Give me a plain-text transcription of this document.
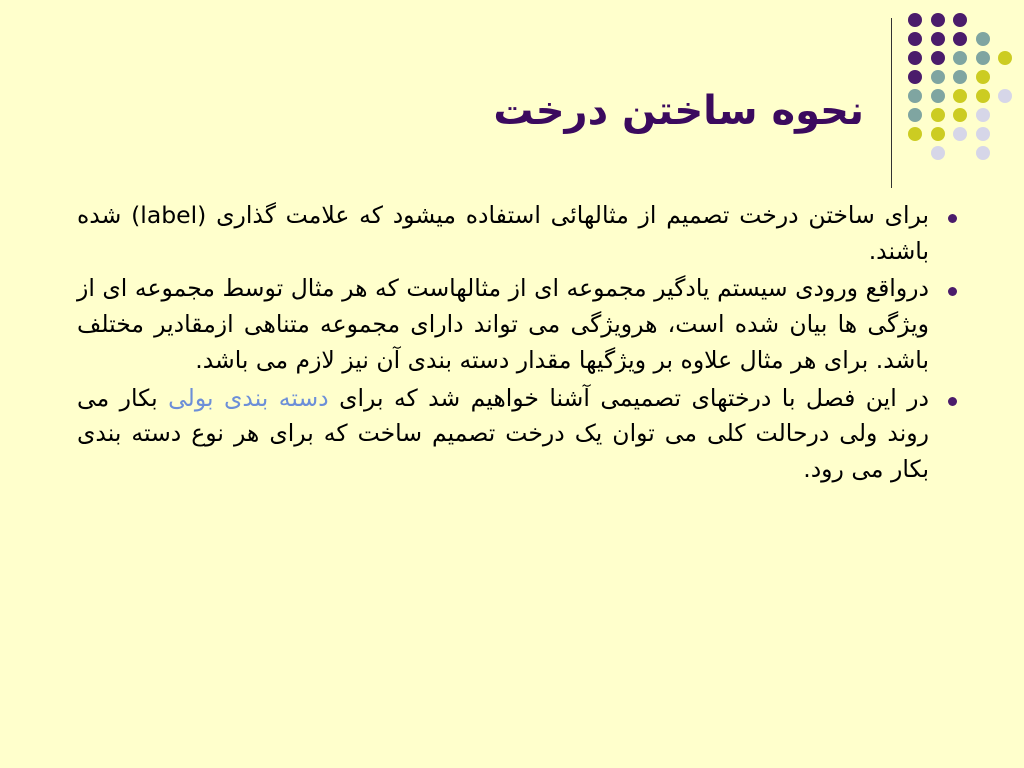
نحوه ساختن درخت
برای ساختن درخت تصمیم از مثالهائی استفاده میشود که علامت گذاری (label) شده باشند.
درواقع ورودی سیستم یادگیر مجموعه ای از مثالهاست که هر مثال توسط مجموعه ای از ویژگی ها بیان شده است، هرویژگی می تواند دارای مجموعه متناهی ازمقادیر مختلف باشد. برای هر مثال علاوه بر ویژگیها مقدار دسته بندی آن نیز لازم می باشد.
در این فصل با درختهای تصمیمی آشنا خواهیم شد که برای دسته بندی بولی بکار می روند ولی درحالت کلی می توان یک درخت تصمیم ساخت که برای هر نوع دسته بندی بکار می رود.
